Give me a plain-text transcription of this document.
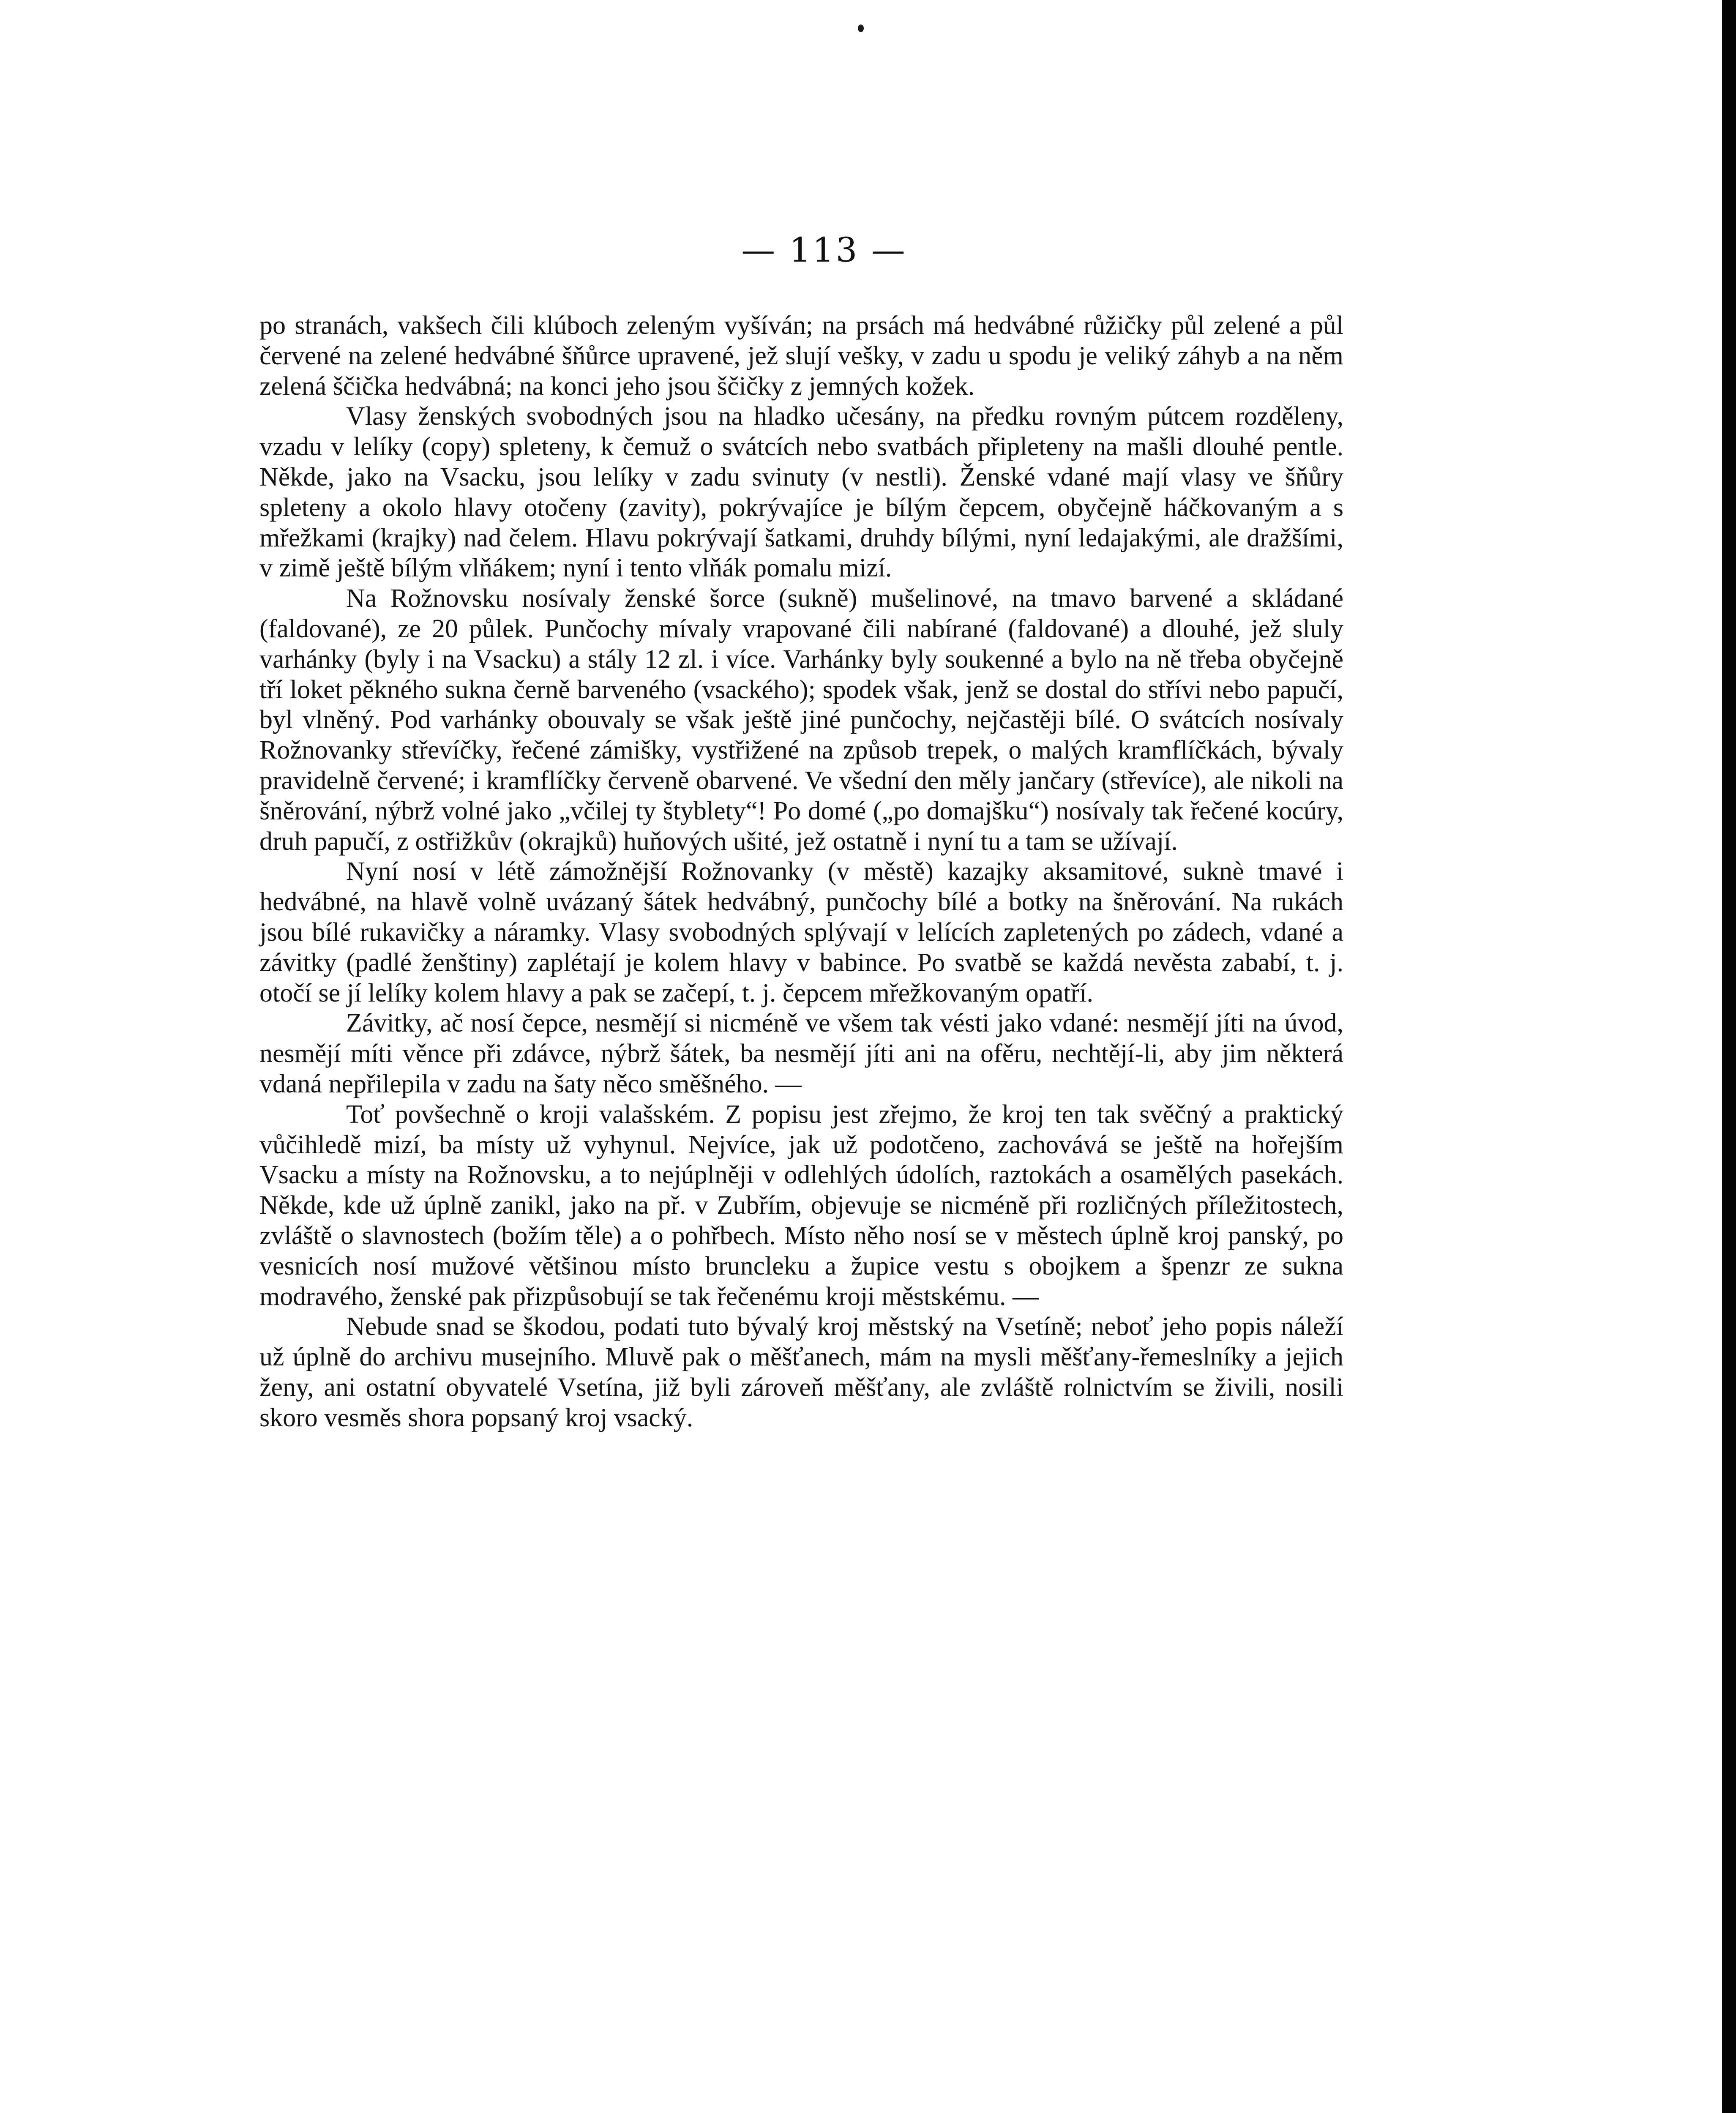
— 113 —

po stranách, vakšech čili klúboch zeleným vyšíván; na prsách má hedvábné růžičky půl zelené a půl červené na zelené hedvábné šňůrce upravené, jež slují vešky, v zadu u spodu je veliký záhyb a na něm zelená ščička hedvábná; na konci jeho jsou ščičky z jemných kožek.

Vlasy ženských svobodných jsou na hladko učesány, na předku rovným pútcem rozděleny, vzadu v lelíky (copy) spleteny, k čemuž o svátcích nebo svatbách připleteny na mašli dlouhé pentle. Někde, jako na Vsacku, jsou lelíky v zadu svinuty (v nestli). Ženské vdané mají vlasy ve šňůry spleteny a okolo hlavy otočeny (zavity), pokrývajíce je bílým čepcem, obyčejně háčkovaným a s mřežkami (krajky) nad čelem. Hlavu pokrývají šatkami, druhdy bílými, nyní ledajakými, ale dražšími, v zimě ještě bílým vlňákem; nyní i tento vlňák pomalu mizí.

Na Rožnovsku nosívaly ženské šorce (sukně) mušelinové, na tmavo barvené a skládané (faldované), ze 20 půlek. Punčochy mívaly vrapované čili nabírané (faldované) a dlouhé, jež sluly varhánky (byly i na Vsacku) a stály 12 zl. i více. Varhánky byly soukenné a bylo na ně třeba obyčejně tří loket pěkného sukna černě barveného (vsackého); spodek však, jenž se dostal do střívi nebo papučí, byl vlněný. Pod varhánky obouvaly se však ještě jiné punčochy, nejčastěji bílé. O svátcích nosívaly Rožnovanky střevíčky, řečené zámišky, vystřižené na způsob trepek, o malých kramflíčkách, bývaly pravidelně červené; i kramflíčky červeně obarvené. Ve všední den měly jančary (střevíce), ale nikoli na šněrování, nýbrž volné jako „včilej ty štyblety“! Po domé („po domajšku“) nosívaly tak řečené kocúry, druh papučí, z ostřižkův (okrajků) huňových ušité, jež ostatně i nyní tu a tam se užívají.

Nyní nosí v létě zámožnější Rožnovanky (v městě) kazajky aksamitové, suknè tmavé i hedvábné, na hlavě volně uvázaný šátek hedvábný, punčochy bílé a botky na šněrování. Na rukách jsou bílé rukavičky a náramky. Vlasy svobodných splývají v lelících zapletených po zádech, vdané a závitky (padlé ženštiny) zaplétají je kolem hlavy v babince. Po svatbě se každá nevěsta zababí, t. j. otočí se jí lelíky kolem hlavy a pak se začepí, t. j. čepcem mřežkovaným opatří.

Závitky, ač nosí čepce, nesmějí si nicméně ve všem tak vésti jako vdané: nesmějí jíti na úvod, nesmějí míti věnce při zdávce, nýbrž šátek, ba nesmějí jíti ani na ofěru, nechtějí-li, aby jim některá vdaná nepřilepila v zadu na šaty něco směšného. —

Toť povšechně o kroji valašském. Z popisu jest zřejmo, že kroj ten tak svěčný a praktický vůčihledě mizí, ba místy už vyhynul. Nejvíce, jak už podotčeno, zachovává se ještě na hořejším Vsacku a místy na Rožnovsku, a to nejúplněji v odlehlých údolích, raztokách a osamělých pasekách. Někde, kde už úplně zanikl, jako na př. v Zubřím, objevuje se nicméně při rozličných příležitostech, zvláště o slavnostech (božím těle) a o pohřbech. Místo něho nosí se v městech úplně kroj panský, po vesnicích nosí mužové většinou místo bruncleku a župice vestu s obojkem a špenzr ze sukna modravého, ženské pak přizpůsobují se tak řečenému kroji městskému. —

Nebude snad se škodou, podati tuto bývalý kroj městský na Vsetíně; neboť jeho popis náleží už úplně do archivu musejního. Mluvě pak o měšťanech, mám na mysli měšťany-řemeslníky a jejich ženy, ani ostatní obyvatelé Vsetína, již byli zároveň měšťany, ale zvláště rolnictvím se živili, nosili skoro vesměs shora popsaný kroj vsacký.
